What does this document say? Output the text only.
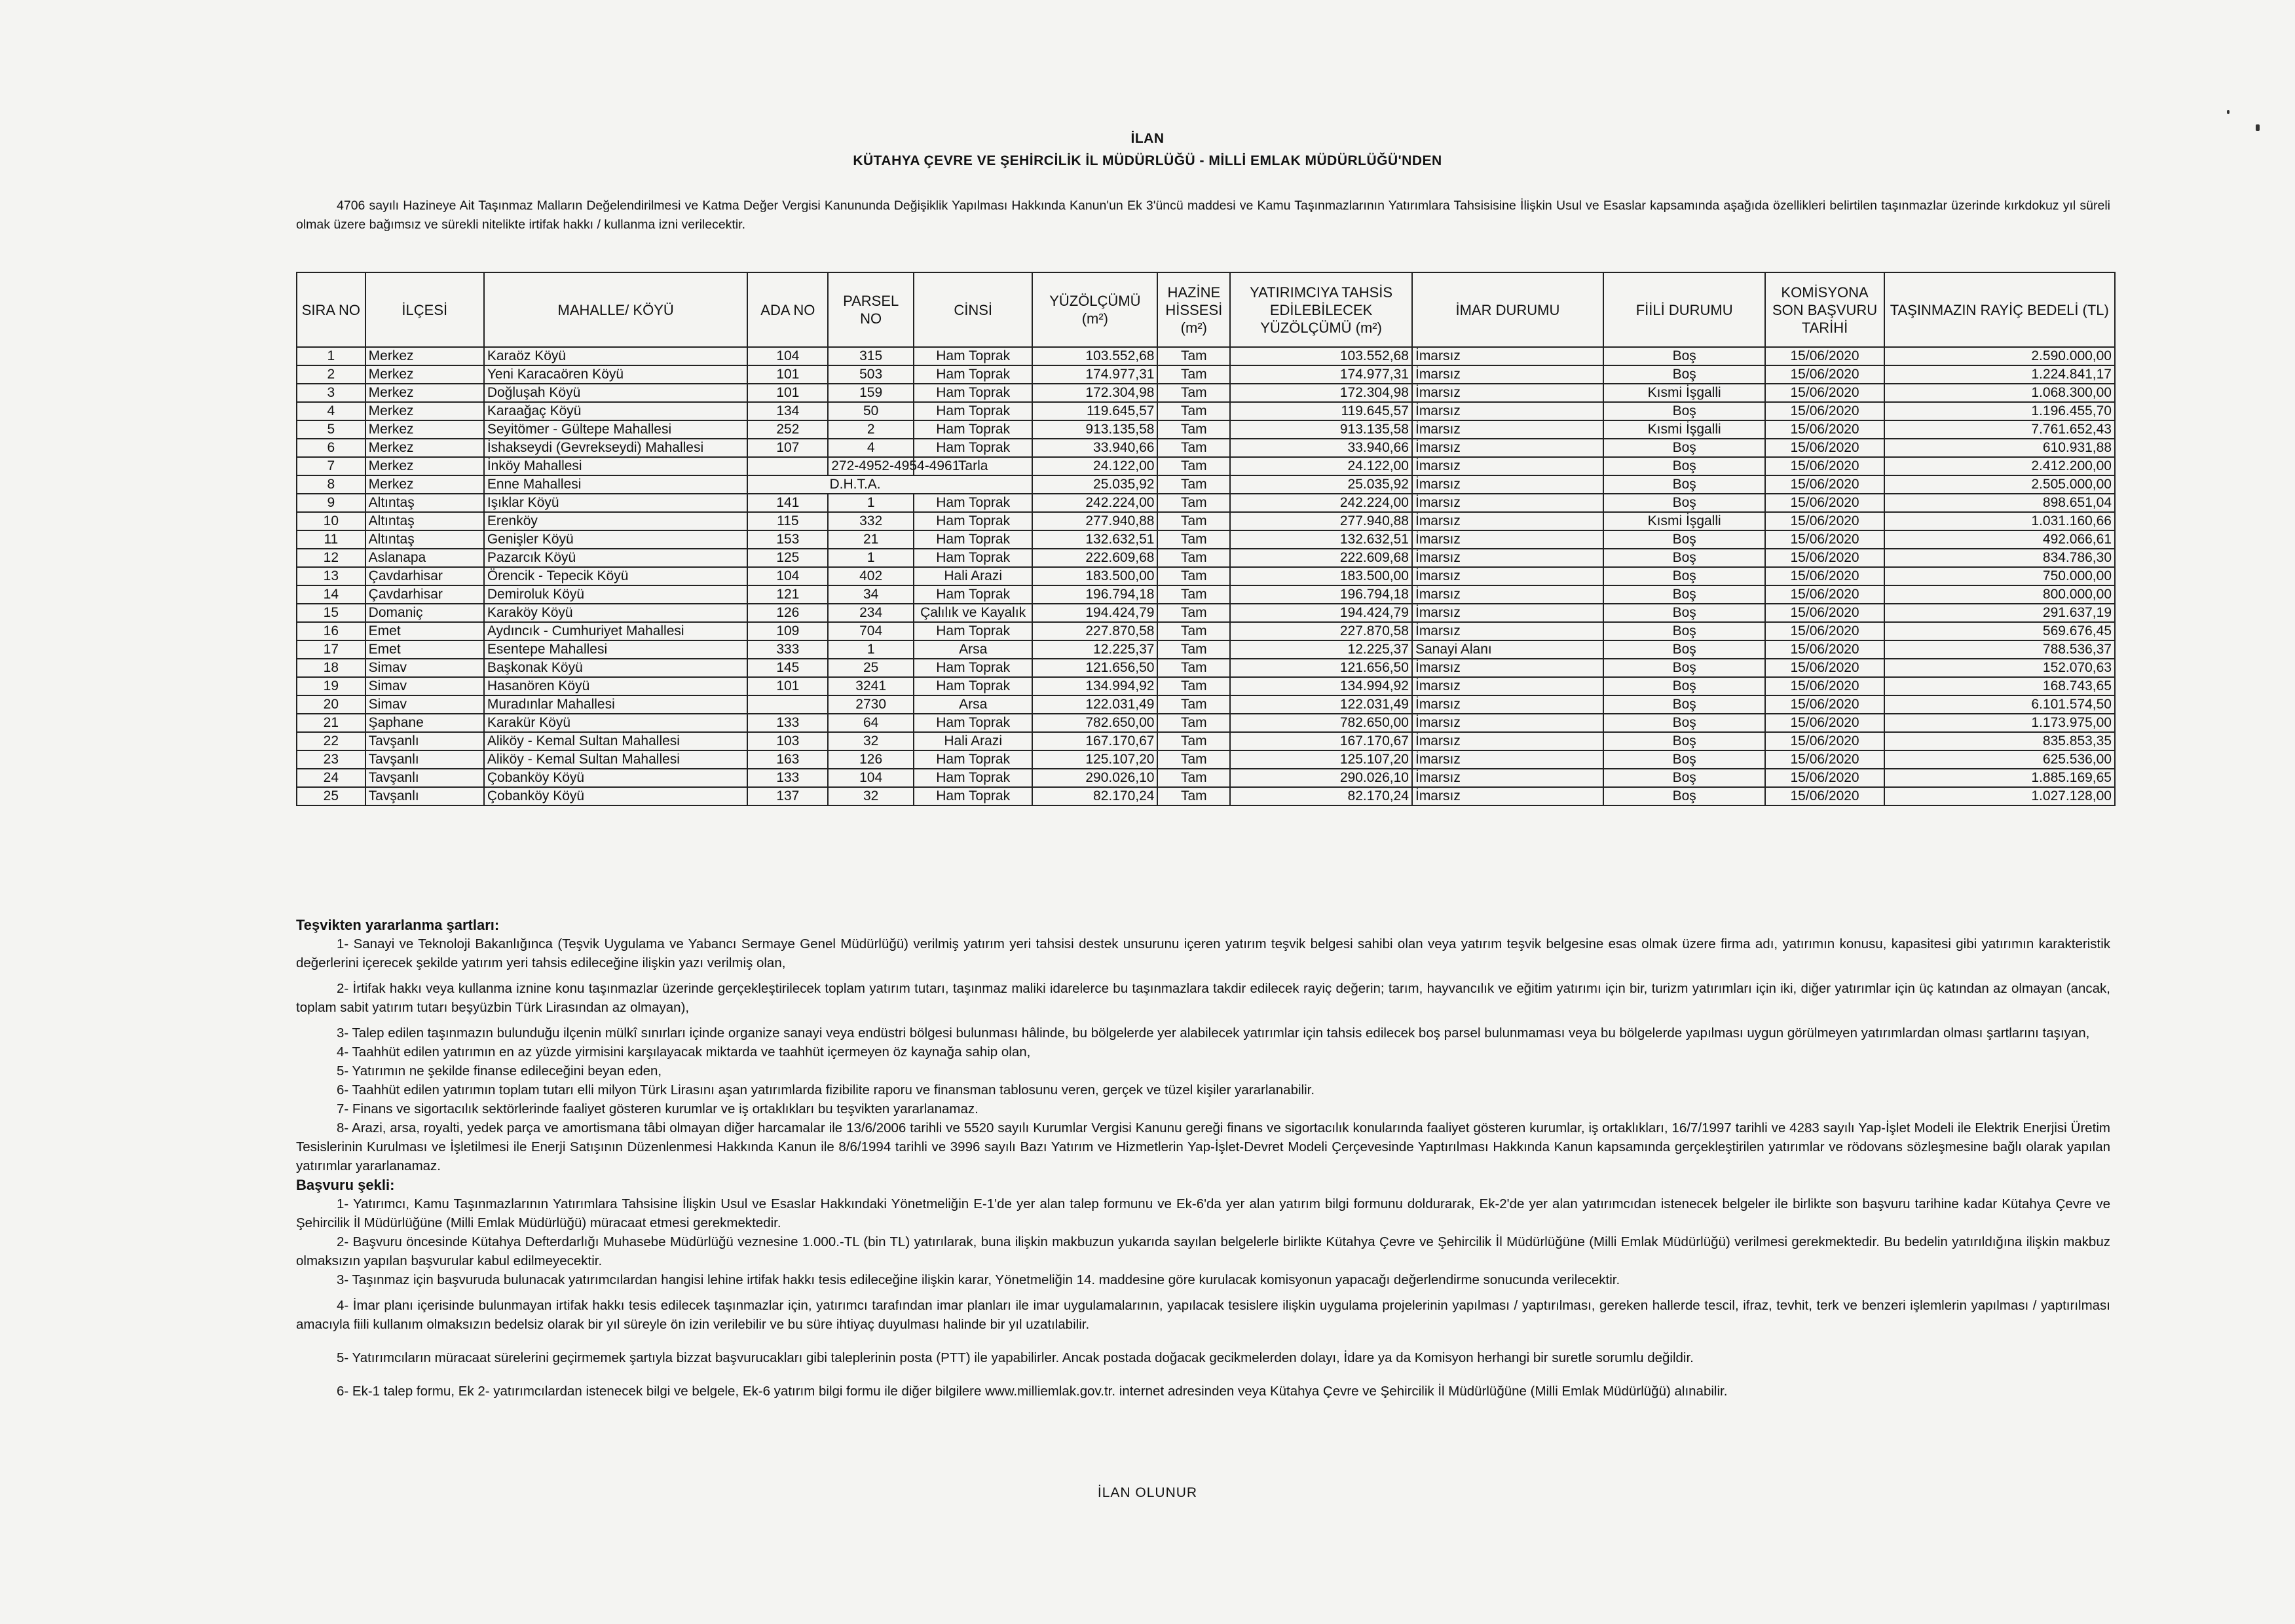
İLAN
KÜTAHYA ÇEVRE VE ŞEHİRCİLİK İL MÜDÜRLÜĞÜ - MİLLİ EMLAK MÜDÜRLÜĞÜ'NDEN

4706 sayılı Hazineye Ait Taşınmaz Malların Değelendirilmesi ve Katma Değer Vergisi Kanununda Değişiklik Yapılması Hakkında Kanun'un Ek 3'üncü maddesi ve Kamu Taşınmazlarının Yatırımlara Tahsisisine İlişkin Usul ve Esaslar kapsamında aşağıda özellikleri belirtilen taşınmazlar üzerinde kırkdokuz yıl süreli olmak üzere bağımsız ve sürekli nitelikte irtifak hakkı / kullanma izni verilecektir.

SIRA NO	İLÇESİ	MAHALLE/ KÖYÜ	ADA NO	PARSEL NO	CİNSİ	YÜZÖLÇÜMÜ (m²)	HAZİNE HİSSESİ (m²)	YATIRIMCIYA TAHSİS EDİLEBİLECEK YÜZÖLÇÜMÜ (m²)	İMAR DURUMU	FİİLİ DURUMU	KOMİSYONA SON BAŞVURU TARİHİ	TAŞINMAZIN RAYİÇ BEDELİ (TL)
1	Merkez	Karaöz Köyü	104	315	Ham Toprak	103.552,68	Tam	103.552,68	İmarsız	Boş	15/06/2020	2.590.000,00
2	Merkez	Yeni Karacaören Köyü	101	503	Ham Toprak	174.977,31	Tam	174.977,31	İmarsız	Boş	15/06/2020	1.224.841,17
3	Merkez	Doğluşah Köyü	101	159	Ham Toprak	172.304,98	Tam	172.304,98	İmarsız	Kısmi İşgalli	15/06/2020	1.068.300,00
4	Merkez	Karaağaç Köyü	134	50	Ham Toprak	119.645,57	Tam	119.645,57	İmarsız	Boş	15/06/2020	1.196.455,70
5	Merkez	Seyitömer - Gültepe Mahallesi	252	2	Ham Toprak	913.135,58	Tam	913.135,58	İmarsız	Kısmi İşgalli	15/06/2020	7.761.652,43
6	Merkez	İshakseydi (Gevrekseydi) Mahallesi	107	4	Ham Toprak	33.940,66	Tam	33.940,66	İmarsız	Boş	15/06/2020	610.931,88
7	Merkez	İnköy Mahallesi		272-4952-4954-4961	Tarla	24.122,00	Tam	24.122,00	İmarsız	Boş	15/06/2020	2.412.200,00
8	Merkez	Enne Mahallesi	D.H.T.A.			25.035,92	Tam	25.035,92	İmarsız	Boş	15/06/2020	2.505.000,00
9	Altıntaş	Işıklar Köyü	141	1	Ham Toprak	242.224,00	Tam	242.224,00	İmarsız	Boş	15/06/2020	898.651,04
10	Altıntaş	Erenköy	115	332	Ham Toprak	277.940,88	Tam	277.940,88	İmarsız	Kısmi İşgalli	15/06/2020	1.031.160,66
11	Altıntaş	Genişler Köyü	153	21	Ham Toprak	132.632,51	Tam	132.632,51	İmarsız	Boş	15/06/2020	492.066,61
12	Aslanapa	Pazarcık Köyü	125	1	Ham Toprak	222.609,68	Tam	222.609,68	İmarsız	Boş	15/06/2020	834.786,30
13	Çavdarhisar	Örencik - Tepecik Köyü	104	402	Hali Arazi	183.500,00	Tam	183.500,00	İmarsız	Boş	15/06/2020	750.000,00
14	Çavdarhisar	Demiroluk Köyü	121	34	Ham Toprak	196.794,18	Tam	196.794,18	İmarsız	Boş	15/06/2020	800.000,00
15	Domaniç	Karaköy Köyü	126	234	Çalılık ve Kayalık	194.424,79	Tam	194.424,79	İmarsız	Boş	15/06/2020	291.637,19
16	Emet	Aydıncık - Cumhuriyet Mahallesi	109	704	Ham Toprak	227.870,58	Tam	227.870,58	İmarsız	Boş	15/06/2020	569.676,45
17	Emet	Esentepe Mahallesi	333	1	Arsa	12.225,37	Tam	12.225,37	Sanayi Alanı	Boş	15/06/2020	788.536,37
18	Simav	Başkonak Köyü	145	25	Ham Toprak	121.656,50	Tam	121.656,50	İmarsız	Boş	15/06/2020	152.070,63
19	Simav	Hasanören Köyü	101	3241	Ham Toprak	134.994,92	Tam	134.994,92	İmarsız	Boş	15/06/2020	168.743,65
20	Simav	Muradınlar Mahallesi		2730	Arsa	122.031,49	Tam	122.031,49	İmarsız	Boş	15/06/2020	6.101.574,50
21	Şaphane	Karakür Köyü	133	64	Ham Toprak	782.650,00	Tam	782.650,00	İmarsız	Boş	15/06/2020	1.173.975,00
22	Tavşanlı	Aliköy - Kemal Sultan Mahallesi	103	32	Hali Arazi	167.170,67	Tam	167.170,67	İmarsız	Boş	15/06/2020	835.853,35
23	Tavşanlı	Aliköy - Kemal Sultan Mahallesi	163	126	Ham Toprak	125.107,20	Tam	125.107,20	İmarsız	Boş	15/06/2020	625.536,00
24	Tavşanlı	Çobanköy Köyü	133	104	Ham Toprak	290.026,10	Tam	290.026,10	İmarsız	Boş	15/06/2020	1.885.169,65
25	Tavşanlı	Çobanköy Köyü	137	32	Ham Toprak	82.170,24	Tam	82.170,24	İmarsız	Boş	15/06/2020	1.027.128,00
Teşvikten yararlanma şartları:

1- Sanayi ve Teknoloji Bakanlığınca (Teşvik Uygulama ve Yabancı Sermaye Genel Müdürlüğü) verilmiş yatırım yeri tahsisi destek unsurunu içeren yatırım teşvik belgesi sahibi olan veya yatırım teşvik belgesine esas olmak üzere firma adı, yatırımın konusu, kapasitesi gibi yatırımın karakteristik değerlerini içerecek şekilde yatırım yeri tahsis edileceğine ilişkin yazı verilmiş olan,

2- İrtifak hakkı veya kullanma iznine konu taşınmazlar üzerinde gerçekleştirilecek toplam yatırım tutarı, taşınmaz maliki idarelerce bu taşınmazlara takdir edilecek rayiç değerin; tarım, hayvancılık ve eğitim yatırımı için bir, turizm yatırımları için iki, diğer yatırımlar için üç katından az olmayan (ancak, toplam sabit yatırım tutarı beşyüzbin Türk Lirasından az olmayan),

3- Talep edilen taşınmazın bulunduğu ilçenin mülkî sınırları içinde organize sanayi veya endüstri bölgesi bulunması hâlinde, bu bölgelerde yer alabilecek yatırımlar için tahsis edilecek boş parsel bulunmaması veya bu bölgelerde yapılması uygun görülmeyen yatırımlardan olması şartlarını taşıyan,

4- Taahhüt edilen yatırımın en az yüzde yirmisini karşılayacak miktarda ve taahhüt içermeyen öz kaynağa sahip olan,

5- Yatırımın ne şekilde finanse edileceğini beyan eden,

6- Taahhüt edilen yatırımın toplam tutarı elli milyon Türk Lirasını aşan yatırımlarda fizibilite raporu ve finansman tablosunu veren, gerçek ve tüzel kişiler yararlanabilir.

7- Finans ve sigortacılık sektörlerinde faaliyet gösteren kurumlar ve iş ortaklıkları bu teşvikten yararlanamaz.

8- Arazi, arsa, royalti, yedek parça ve amortismana tâbi olmayan diğer harcamalar ile 13/6/2006 tarihli ve 5520 sayılı Kurumlar Vergisi Kanunu gereği finans ve sigortacılık konularında faaliyet gösteren kurumlar, iş ortaklıkları, 16/7/1997 tarihli ve 4283 sayılı Yap-İşlet Modeli ile Elektrik Enerjisi Üretim Tesislerinin Kurulması ve İşletilmesi ile Enerji Satışının Düzenlenmesi Hakkında Kanun ile 8/6/1994 tarihli ve 3996 sayılı Bazı Yatırım ve Hizmetlerin Yap-İşlet-Devret Modeli Çerçevesinde Yaptırılması Hakkında Kanun kapsamında gerçekleştirilen yatırımlar ve rödovans sözleşmesine bağlı olarak yapılan yatırımlar yararlanamaz.

Başvuru şekli:

1- Yatırımcı, Kamu Taşınmazlarının Yatırımlara Tahsisine İlişkin Usul ve Esaslar Hakkındaki Yönetmeliğin E-1'de yer alan talep formunu ve Ek-6'da yer alan yatırım bilgi formunu doldurarak, Ek-2'de yer alan yatırımcıdan istenecek belgeler ile birlikte son başvuru tarihine kadar Kütahya Çevre ve Şehircilik İl Müdürlüğüne (Milli Emlak Müdürlüğü) müracaat etmesi gerekmektedir.

2- Başvuru öncesinde Kütahya Defterdarlığı Muhasebe Müdürlüğü veznesine 1.000.-TL (bin TL) yatırılarak, buna ilişkin makbuzun yukarıda sayılan belgelerle birlikte Kütahya Çevre ve Şehircilik İl Müdürlüğüne (Milli Emlak Müdürlüğü) verilmesi gerekmektedir. Bu bedelin yatırıldığına ilişkin makbuz olmaksızın yapılan başvurular kabul edilmeyecektir.

3- Taşınmaz için başvuruda bulunacak yatırımcılardan hangisi lehine irtifak hakkı tesis edileceğine ilişkin karar, Yönetmeliğin 14. maddesine göre kurulacak komisyonun yapacağı değerlendirme sonucunda verilecektir.

4- İmar planı içerisinde bulunmayan irtifak hakkı tesis edilecek taşınmazlar için, yatırımcı tarafından imar planları ile imar uygulamalarının, yapılacak tesislere ilişkin uygulama projelerinin yapılması / yaptırılması, gereken hallerde tescil, ifraz, tevhit, terk ve benzeri işlemlerin yapılması / yaptırılması amacıyla fiili kullanım olmaksızın bedelsiz olarak bir yıl süreyle ön izin verilebilir ve bu süre ihtiyaç duyulması halinde bir yıl uzatılabilir.

5- Yatırımcıların müracaat sürelerini geçirmemek şartıyla bizzat başvurucakları gibi taleplerinin posta (PTT) ile yapabilirler. Ancak postada doğacak gecikmelerden dolayı, İdare ya da Komisyon herhangi bir suretle sorumlu değildir.

6- Ek-1 talep formu, Ek 2- yatırımcılardan istenecek bilgi ve belgele, Ek-6 yatırım bilgi formu ile diğer bilgilere www.milliemlak.gov.tr. internet adresinden veya Kütahya Çevre ve Şehircilik İl Müdürlüğüne (Milli Emlak Müdürlüğü) alınabilir.

İLAN OLUNUR
